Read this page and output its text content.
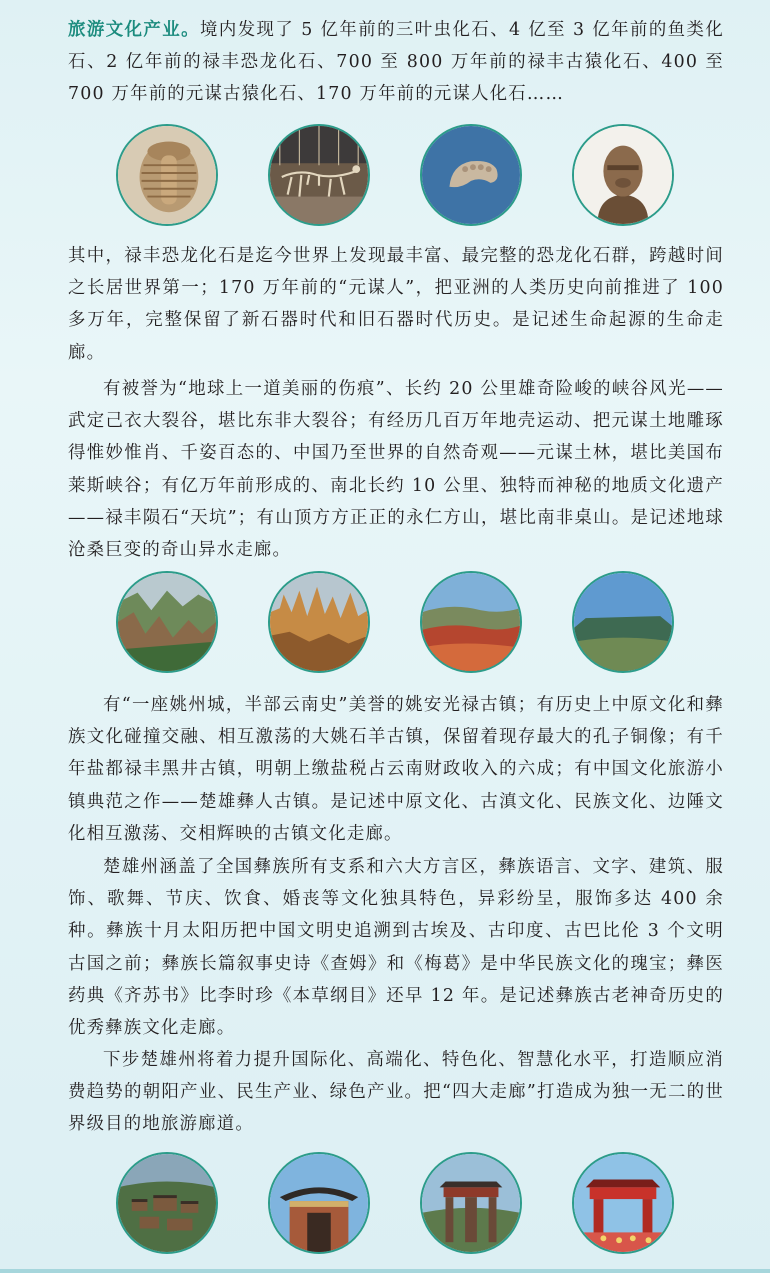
旅游文化产业。境内发现了 5 亿年前的三叶虫化石、4 亿至 3 亿年前的鱼类化石、2 亿年前的禄丰恐龙化石、700 至 800 万年前的禄丰古猿化石、400 至 700 万年前的元谋古猿化石、170 万年前的元谋人化石……

其中，禄丰恐龙化石是迄今世界上发现最丰富、最完整的恐龙化石群，跨越时间之长居世界第一；170 万年前的“元谋人”，把亚洲的人类历史向前推进了 100 多万年，完整保留了新石器时代和旧石器时代历史。是记述生命起源的生命走廊。

有被誉为“地球上一道美丽的伤痕”、长约 20 公里雄奇险峻的峡谷风光——武定己衣大裂谷，堪比东非大裂谷；有经历几百万年地壳运动、把元谋土地雕琢得惟妙惟肖、千姿百态的、中国乃至世界的自然奇观——元谋土林，堪比美国布莱斯峡谷；有亿万年前形成的、南北长约 10 公里、独特而神秘的地质文化遗产——禄丰陨石“天坑”；有山顶方方正正的永仁方山，堪比南非桌山。是记述地球沧桑巨变的奇山异水走廊。

有“一座姚州城，半部云南史”美誉的姚安光禄古镇；有历史上中原文化和彝族文化碰撞交融、相互激荡的大姚石羊古镇，保留着现存最大的孔子铜像；有千年盐都禄丰黑井古镇，明朝上缴盐税占云南财政收入的六成；有中国文化旅游小镇典范之作——楚雄彝人古镇。是记述中原文化、古滇文化、民族文化、边陲文化相互激荡、交相辉映的古镇文化走廊。

楚雄州涵盖了全国彝族所有支系和六大方言区，彝族语言、文字、建筑、服饰、歌舞、节庆、饮食、婚丧等文化独具特色，异彩纷呈，服饰多达 400 余种。彝族十月太阳历把中国文明史追溯到古埃及、古印度、古巴比伦 3 个文明古国之前；彝族长篇叙事史诗《查姆》和《梅葛》是中华民族文化的瑰宝；彝医药典《齐苏书》比李时珍《本草纲目》还早 12 年。是记述彝族古老神奇历史的优秀彝族文化走廊。

下步楚雄州将着力提升国际化、高端化、特色化、智慧化水平，打造顺应消费趋势的朝阳产业、民生产业、绿色产业。把“四大走廊”打造成为独一无二的世界级目的地旅游廊道。
